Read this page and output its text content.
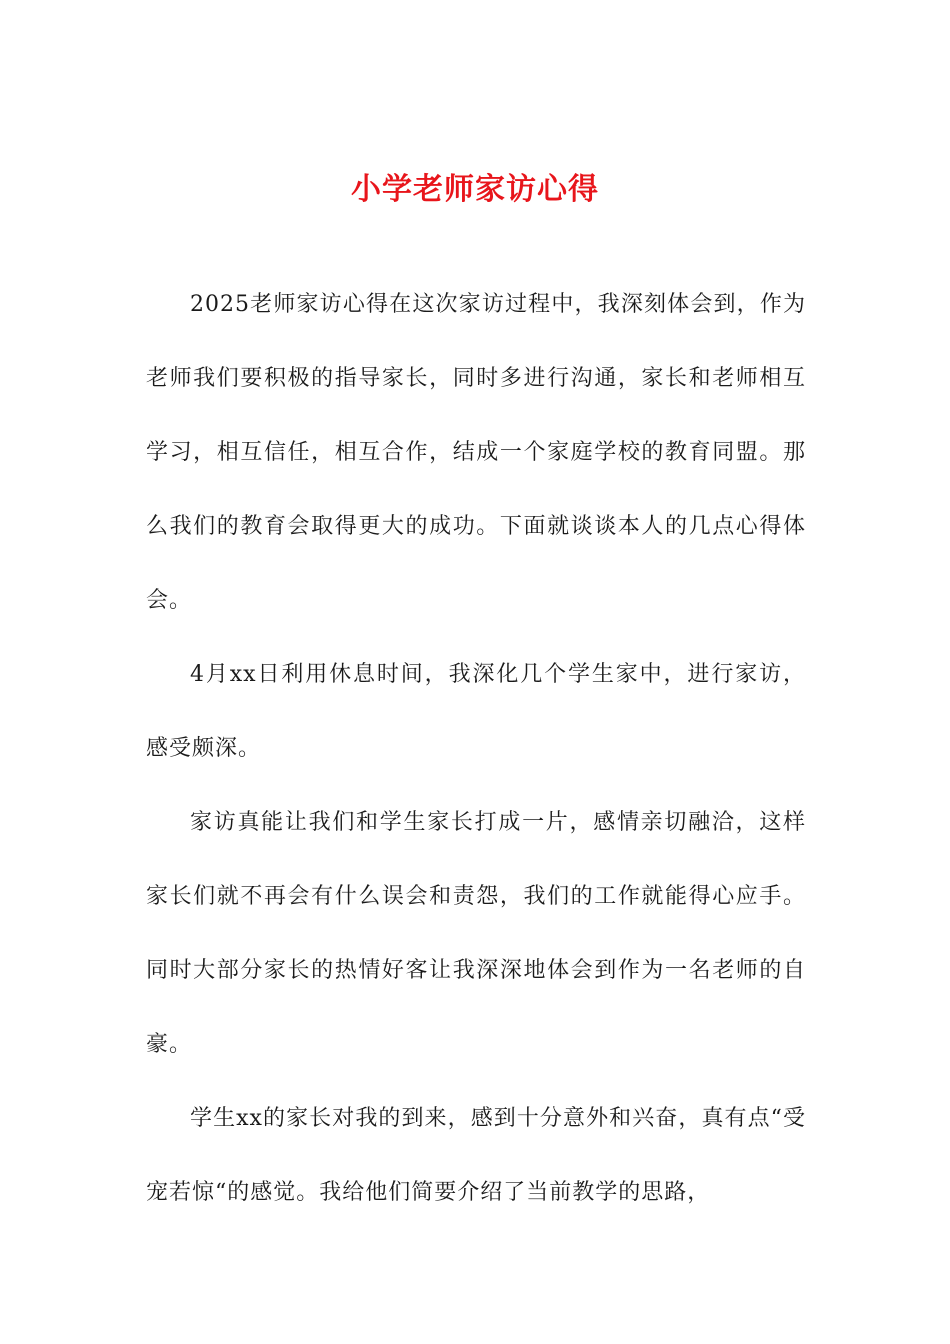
小学老师家访心得

2025老师家访心得在这次家访过程中，我深刻体会到，作为老师我们要积极的指导家长，同时多进行沟通，家长和老师相互学习，相互信任，相互合作，结成一个家庭学校的教育同盟。那么我们的教育会取得更大的成功。下面就谈谈本人的几点心得体会。

4月xx日利用休息时间，我深化几个学生家中，进行家访，感受颇深。

家访真能让我们和学生家长打成一片，感情亲切融洽，这样家长们就不再会有什么误会和责怨，我们的工作就能得心应手。同时大部分家长的热情好客让我深深地体会到作为一名老师的自豪。

学生xx的家长对我的到来，感到十分意外和兴奋，真有点“受宠若惊“的感觉。我给他们简要介绍了当前教学的思路，
